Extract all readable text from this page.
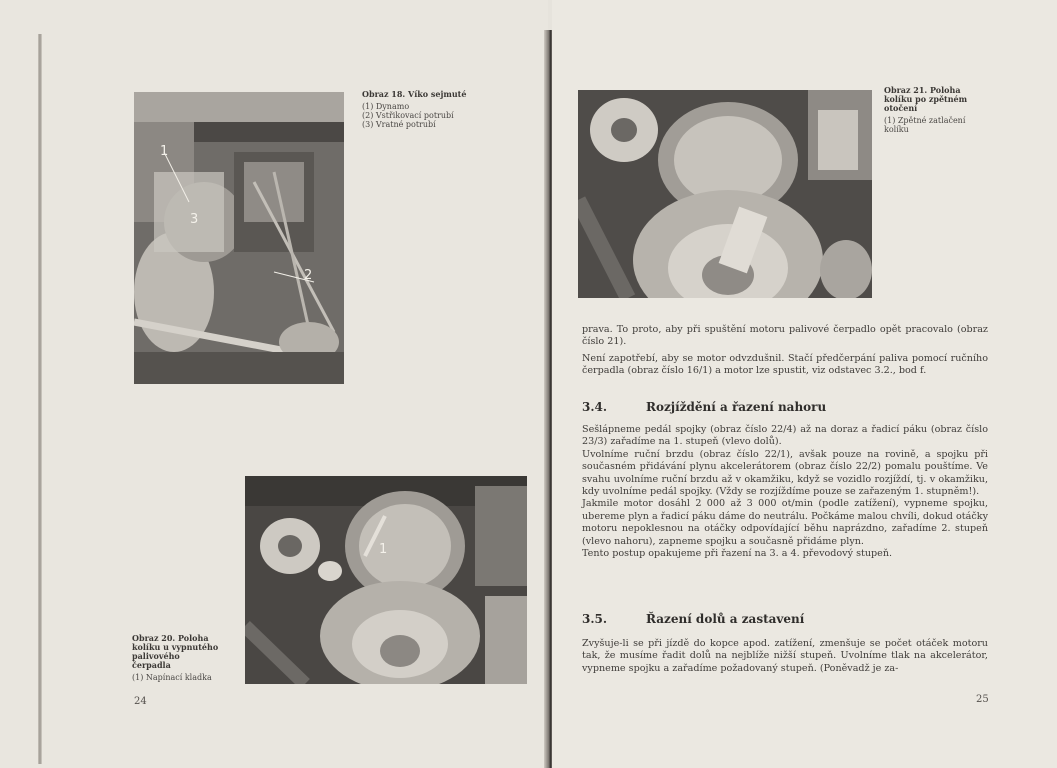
1
3
2
Obraz 18. Víko sejmuté
(1) Dynamo
(2) Vstřikovací potrubí
(3) Vratné potrubí
1
Obraz 20. Poloha
kolíku u vypnutého
palivového
čerpadla
(1) Napínací kladka
24
Obraz 21. Poloha
kolíku po zpětném
otočení
(1) Zpětné zatlačení
kolíku

prava. To proto, aby při spuštění motoru palivové čerpadlo opět pracovalo (obraz číslo 21).

Není zapotřebí, aby se motor odvzdušnil. Stačí předčerpání paliva pomocí ručního čerpadla (obraz číslo 16/1) a motor lze spustit, viz odstavec 3.2., bod f.

3.4.	Rozjíždění a řazení nahoru

Sešlápneme pedál spojky (obraz číslo 22/4) až na doraz a řadicí páku (obraz číslo 23/3) zařadíme na 1. stupeň (vlevo dolů).

Uvolníme ruční brzdu (obraz číslo 22/1), avšak pouze na rovině, a spojku při současném přidávání plynu akcelerátorem (obraz číslo 22/2) pomalu pouštíme. Ve svahu uvolníme ruční brzdu až v okamžiku, když se vozidlo rozjíždí, tj. v okamžiku, kdy uvolníme pedál spojky. (Vždy se rozjíždíme pouze se zařazeným 1. stupněm!).

Jakmile motor dosáhl 2 000 až 3 000 ot/min (podle zatížení), vypneme spojku, ubereme plyn a řadicí páku dáme do neutrálu. Počkáme malou chvíli, dokud otáčky motoru nepoklesnou na otáčky odpovídající běhu naprázdno, zařadíme 2. stupeň (vlevo nahoru), zapneme spojku a současně přidáme plyn.

Tento postup opakujeme při řazení na 3. a 4. převodový stupeň.

3.5.	Řazení dolů a zastavení

Zvyšuje-li se při jízdě do kopce apod. zatížení, zmenšuje se počet otáček motoru tak, že musíme řadit dolů na nejblíže nižší stupeň. Uvolníme tlak na akcelerátor, vypneme spojku a zařadíme požadovaný stupeň. (Poněvadž je za-

25
